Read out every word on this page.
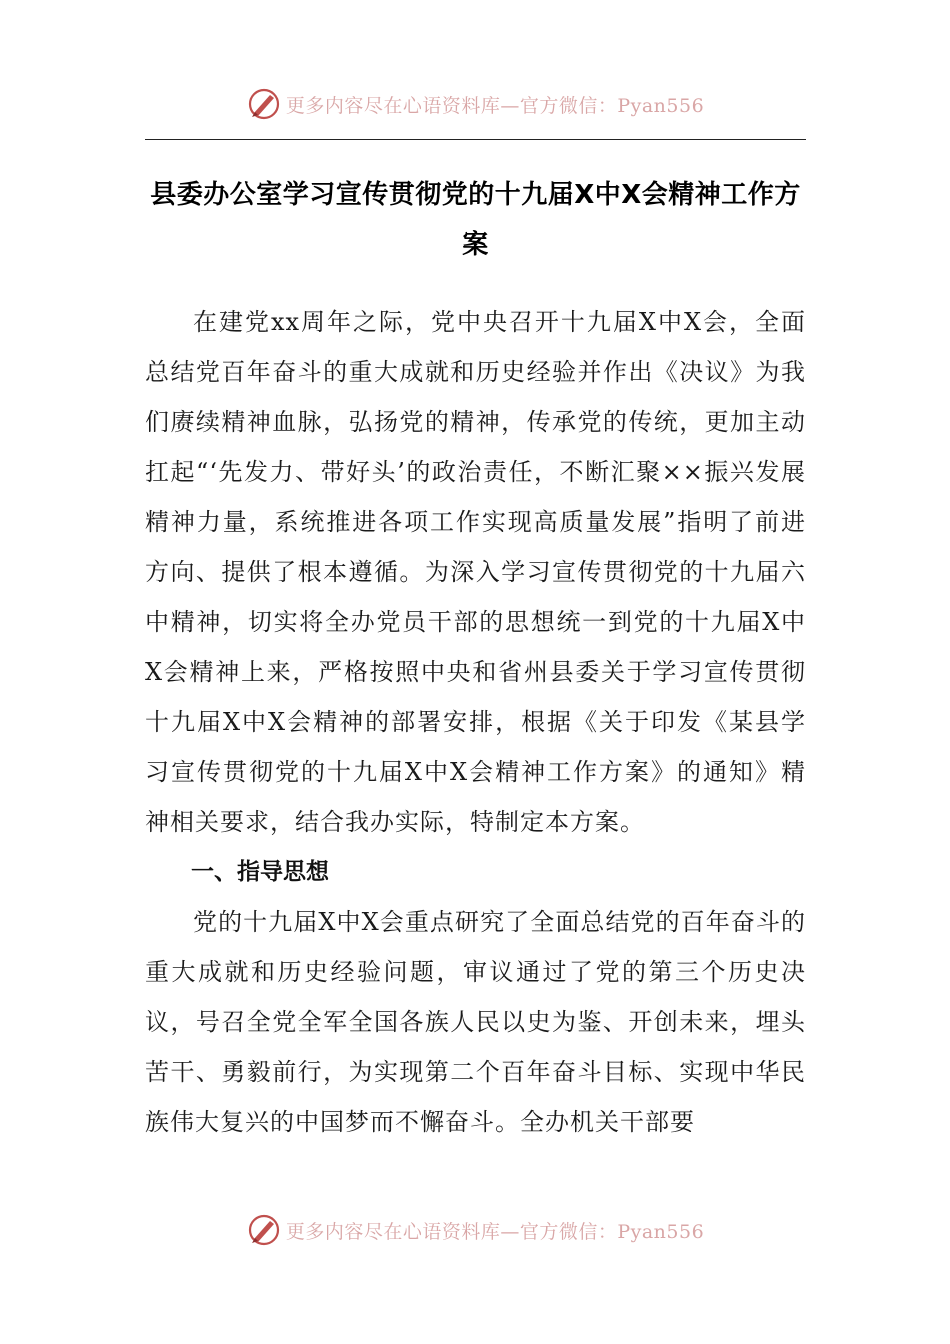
更多内容尽在心语资料库—官方微信：Pyan556
县委办公室学习宣传贯彻党的十九届X中X会精神工作方案

在建党xx周年之际，党中央召开十九届X中X会，全面总结党百年奋斗的重大成就和历史经验并作出《决议》为我们赓续精神血脉，弘扬党的精神，传承党的传统，更加主动扛起“‘先发力、带好头’的政治责任，不断汇聚××振兴发展精神力量，系统推进各项工作实现高质量发展”指明了前进方向、提供了根本遵循。为深入学习宣传贯彻党的十九届六中精神，切实将全办党员干部的思想统一到党的十九届X中X会精神上来，严格按照中央和省州县委关于学习宣传贯彻十九届X中X会精神的部署安排，根据《关于印发《某县学习宣传贯彻党的十九届X中X会精神工作方案》的通知》精神相关要求，结合我办实际，特制定本方案。

一、指导思想

党的十九届X中X会重点研究了全面总结党的百年奋斗的重大成就和历史经验问题，审议通过了党的第三个历史决议，号召全党全军全国各族人民以史为鉴、开创未来，埋头苦干、勇毅前行，为实现第二个百年奋斗目标、实现中华民族伟大复兴的中国梦而不懈奋斗。全办机关干部要

更多内容尽在心语资料库—官方微信：Pyan556
